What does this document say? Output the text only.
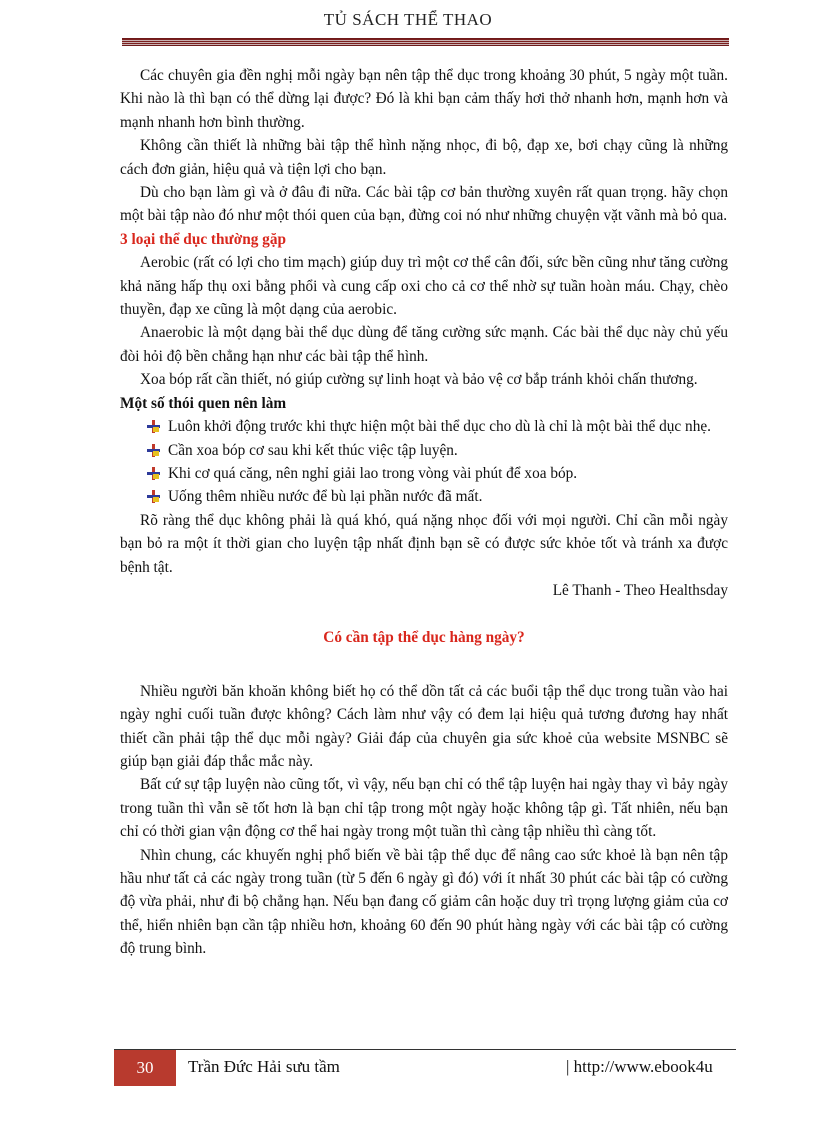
TỦ SÁCH THỂ THAO

Các chuyên gia đền nghị mỗi ngày bạn nên tập thể dục trong khoảng 30 phút, 5 ngày một tuần. Khi nào là thì bạn có thể dừng lại được? Đó là khi bạn cảm thấy hơi thở nhanh hơn, mạnh hơn và mạnh nhanh hơn bình thường.

Không cần thiết là những bài tập thể hình nặng nhọc, đi bộ, đạp xe, bơi chạy cũng là những cách đơn giản, hiệu quả và tiện lợi cho bạn.

Dù cho bạn làm gì và ở đâu đi nữa. Các bài tập cơ bản thường xuyên rất quan trọng. hãy chọn một bài tập nào đó như một thói quen của bạn, đừng coi nó như những chuyện vặt vãnh mà bỏ qua.

3 loại thể dục thường gặp

Aerobic (rất có lợi cho tim mạch) giúp duy trì một cơ thể cân đối, sức bền cũng như tăng cường khả năng hấp thụ oxi bằng phổi và cung cấp oxi cho cả cơ thể nhờ sự tuần hoàn máu. Chạy, chèo thuyền, đạp xe cũng là một dạng của aerobic.

Anaerobic là một dạng bài thể dục dùng để tăng cường sức mạnh. Các bài thể dục này chủ yếu đòi hỏi độ bền chẳng hạn như các bài tập thể hình.

Xoa bóp rất cần thiết, nó giúp cường sự linh hoạt và bảo vệ cơ bắp tránh khỏi chấn thương.

Một số thói quen nên làm
Luôn khởi động trước khi thực hiện một bài thể dục cho dù là chỉ là một bài thể dục nhẹ.
Cần xoa bóp cơ sau khi kết thúc việc tập luyện.
Khi cơ quá căng, nên nghỉ giải lao trong vòng vài phút để xoa bóp.
Uống thêm nhiều nước để bù lại phần nước đã mất.

Rõ ràng thể dục không phải là quá khó, quá nặng nhọc đối với mọi người. Chỉ cần mỗi ngày bạn bỏ ra một ít thời gian cho luyện tập nhất định bạn sẽ có được sức khỏe tốt và tránh xa được bệnh tật.

Lê Thanh - Theo Healthsday
Có cần tập thể dục hàng ngày?

Nhiều người băn khoăn không biết họ có thể dồn tất cả các buổi tập thể dục trong tuần vào hai ngày nghỉ cuối tuần được không? Cách làm như vậy có đem lại hiệu quả tương đương hay nhất thiết cần phải tập thể dục mỗi ngày? Giải đáp của chuyên gia sức khoẻ của website MSNBC sẽ giúp bạn giải đáp thắc mắc này.

Bất cứ sự tập luyện nào cũng tốt, vì vậy, nếu bạn chỉ có thể tập luyện hai ngày thay vì bảy ngày trong tuần thì vẫn sẽ tốt hơn là bạn chỉ tập trong một ngày hoặc không tập gì. Tất nhiên, nếu bạn chỉ có thời gian vận động cơ thể hai ngày trong một tuần thì càng tập nhiều thì càng tốt.

Nhìn chung, các khuyến nghị phổ biến về bài tập thể dục để nâng cao sức khoẻ là bạn nên tập hầu như tất cả các ngày trong tuần (từ 5 đến 6 ngày gì đó) với ít nhất 30 phút các bài tập có cường độ vừa phải, như đi bộ chẳng hạn. Nếu bạn đang cố giảm cân hoặc duy trì trọng lượng giảm của cơ thể, hiển nhiên bạn cần tập nhiều hơn, khoảng 60 đến 90 phút hàng ngày với các bài tập có cường độ trung bình.

30	Trần Đức Hải sưu tầm	| http://www.ebook4u
